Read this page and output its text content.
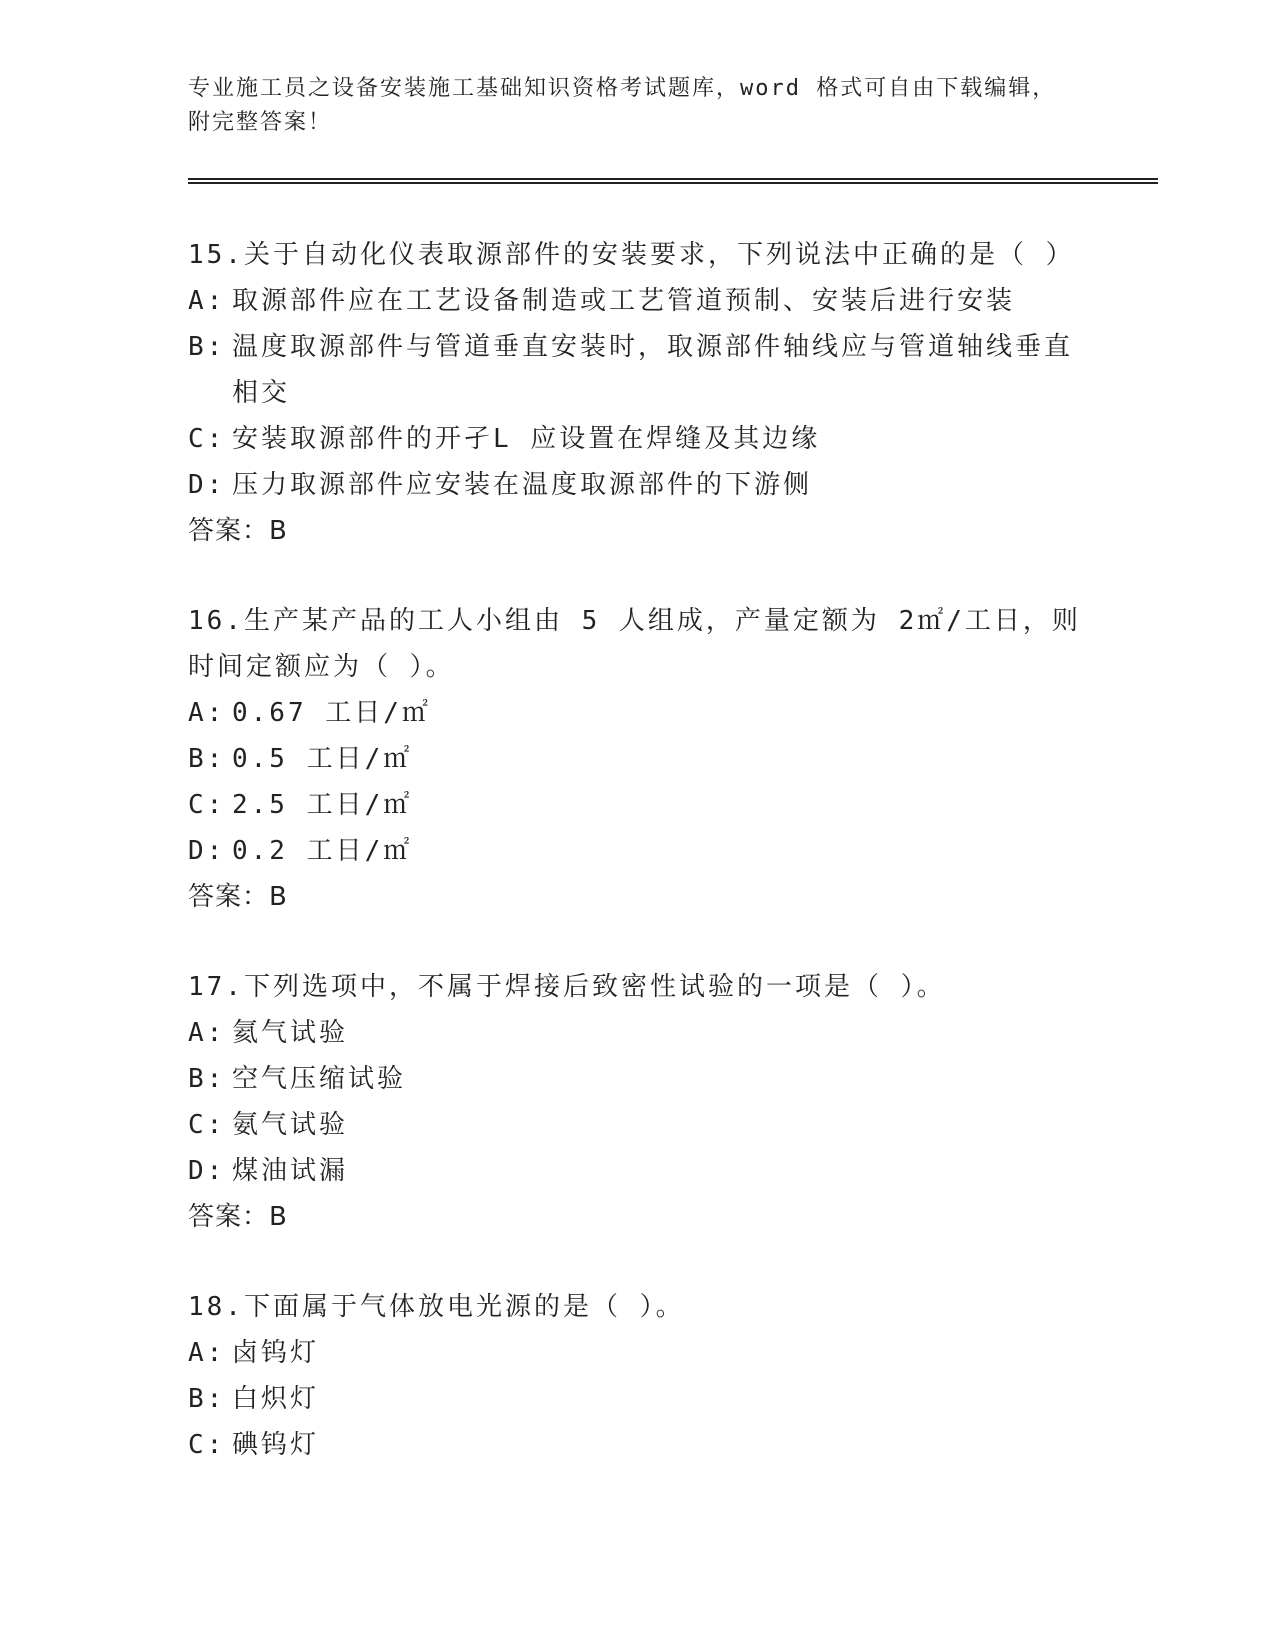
专业施工员之设备安装施工基础知识资格考试题库，word 格式可自由下载编辑，
附完整答案！
15.关于自动化仪表取源部件的安装要求，下列说法中正确的是（ ）
A: 取源部件应在工艺设备制造或工艺管道预制、安装后进行安装
B: 温度取源部件与管道垂直安装时，取源部件轴线应与管道轴线垂直相交
C: 安装取源部件的开孑L 应设置在焊缝及其边缘
D: 压力取源部件应安装在温度取源部件的下游侧
答案：B
16.生产某产品的工人小组由 5 人组成，产量定额为 2㎡/工日，则时间定额应为（ ）。
A: 0.67 工日/㎡
B: 0.5 工日/㎡
C: 2.5 工日/㎡
D: 0.2 工日/㎡
答案：B
17.下列选项中，不属于焊接后致密性试验的一项是（ ）。
A: 氦气试验
B: 空气压缩试验
C: 氨气试验
D: 煤油试漏
答案：B
18.下面属于气体放电光源的是（ ）。
A: 卤钨灯
B: 白炽灯
C: 碘钨灯
